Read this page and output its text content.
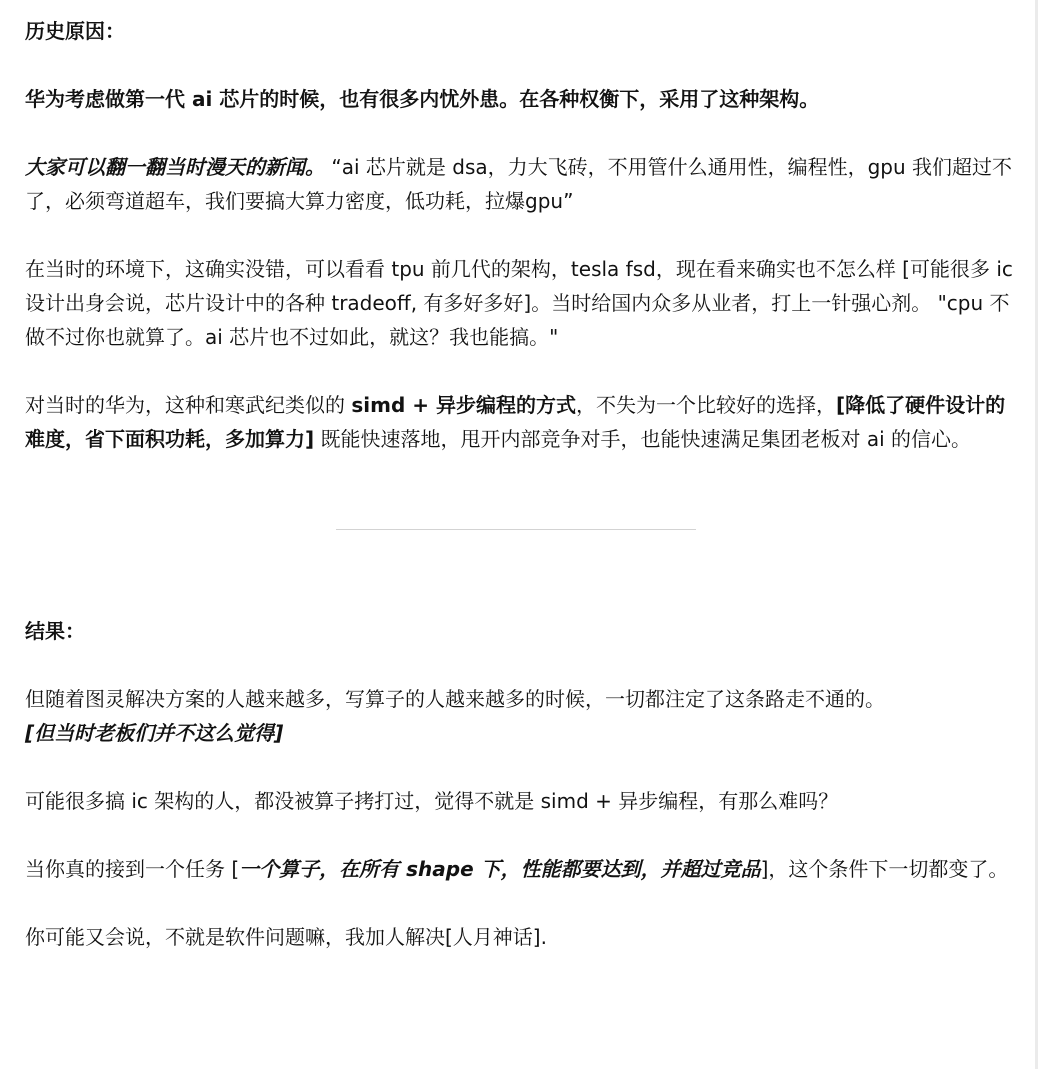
历史原因：

华为考虑做第一代 ai 芯片的时候，也有很多内忧外患。在各种权衡下，采用了这种架构。

大家可以翻一翻当时漫天的新闻。 “ai 芯片就是 dsa，力大飞砖，不用管什么通用性，编程性，gpu 我们超过不了，必须弯道超车，我们要搞大算力密度，低功耗，拉爆gpu”

在当时的环境下，这确实没错，可以看看 tpu 前几代的架构，tesla fsd，现在看来确实也不怎么样 [可能很多 ic 设计出身会说，芯片设计中的各种 tradeoff, 有多好多好]。当时给国内众多从业者，打上一针强心剂。 "cpu 不做不过你也就算了。ai 芯片也不过如此，就这？我也能搞。"

对当时的华为，这种和寒武纪类似的 simd + 异步编程的方式，不失为一个比较好的选择，[降低了硬件设计的难度，省下面积功耗，多加算力] 既能快速落地，甩开内部竞争对手，也能快速满足集团老板对 ai 的信心。

结果：

但随着图灵解决方案的人越来越多，写算子的人越来越多的时候，一切都注定了这条路走不通的。
[但当时老板们并不这么觉得]

可能很多搞 ic 架构的人，都没被算子拷打过，觉得不就是 simd + 异步编程，有那么难吗？

当你真的接到一个任务 [一个算子，在所有 shape 下，性能都要达到，并超过竞品]，这个条件下一切都变了。

你可能又会说，不就是软件问题嘛，我加人解决[人月神话].
